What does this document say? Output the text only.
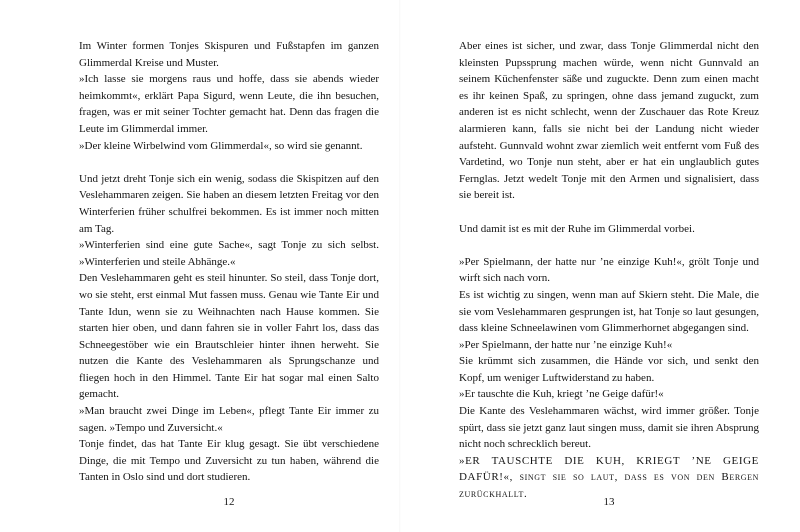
Im Winter formen Tonjes Skispuren und Fußstapfen im ganzen Glimmerdal Kreise und Muster.

»Ich lasse sie morgens raus und hoffe, dass sie abends wieder heimkommt«, erklärt Papa Sigurd, wenn Leute, die ihn besuchen, fragen, was er mit seiner Tochter gemacht hat. Denn das fragen die Leute im Glimmerdal immer.

»Der kleine Wirbelwind vom Glimmerdal«, so wird sie genannt.

Und jetzt dreht Tonje sich ein wenig, sodass die Skispitzen auf den Veslehammaren zeigen. Sie haben an diesem letzten Freitag vor den Winterferien früher schulfrei bekommen. Es ist immer noch mitten am Tag.

»Winterferien sind eine gute Sache«, sagt Tonje zu sich selbst. »Winterferien und steile Abhänge.«

Den Veslehammaren geht es steil hinunter. So steil, dass Tonje dort, wo sie steht, erst einmal Mut fassen muss. Genau wie Tante Eir und Tante Idun, wenn sie zu Weihnachten nach Hause kommen. Sie starten hier oben, und dann fahren sie in voller Fahrt los, dass das Schneegestöber wie ein Brautschleier hinter ihnen herweht. Sie nutzen die Kante des Veslehammaren als Sprungschanze und fliegen hoch in den Himmel. Tante Eir hat sogar mal einen Salto gemacht.

»Man braucht zwei Dinge im Leben«, pflegt Tante Eir immer zu sagen. »Tempo und Zuversicht.«

Tonje findet, das hat Tante Eir klug gesagt. Sie übt verschiedene Dinge, die mit Tempo und Zuversicht zu tun haben, während die Tanten in Oslo sind und dort studieren.

12

Aber eines ist sicher, und zwar, dass Tonje Glimmerdal nicht den kleinsten Pupssprung machen würde, wenn nicht Gunnvald an seinem Küchenfenster säße und zugucktе. Denn zum einen macht es ihr keinen Spaß, zu springen, ohne dass jemand zuguckt, zum anderen ist es nicht schlecht, wenn der Zuschauer das Rote Kreuz alarmieren kann, falls sie nicht bei der Landung nicht wieder aufsteht. Gunnvald wohnt zwar ziemlich weit entfernt vom Fuß des Vardetind, wo Tonje nun steht, aber er hat ein unglaublich gutes Fernglas. Jetzt wedelt Tonje mit den Armen und signalisiert, dass sie bereit ist.

Und damit ist es mit der Ruhe im Glimmerdal vorbei.

»Per Spielmann, der hatte nur ’ne einzige Kuh!«, grölt Tonje und wirft sich nach vorn.

Es ist wichtig zu singen, wenn man auf Skiern steht. Die Male, die sie vom Veslehammaren gesprungen ist, hat Tonje so laut gesungen, dass kleine Schneelawinen vom Glimmerhornet abgegangen sind.

»Per Spielmann, der hatte nur ’ne einzige Kuh!«

Sie krümmt sich zusammen, die Hände vor sich, und senkt den Kopf, um weniger Luftwiderstand zu haben.

»Er tauschte die Kuh, kriegt ’ne Geige dafür!«

Die Kante des Veslehammaren wächst, wird immer größer. Tonje spürt, dass sie jetzt ganz laut singen muss, damit sie ihren Absprung nicht noch schrecklich bereut.

»ER TAUSCHTE DIE KUH, KRIEGT ’NE GEIGE DAFÜR!«, singt sie so laut, dass es von den Bergen zurückhallt.

13
